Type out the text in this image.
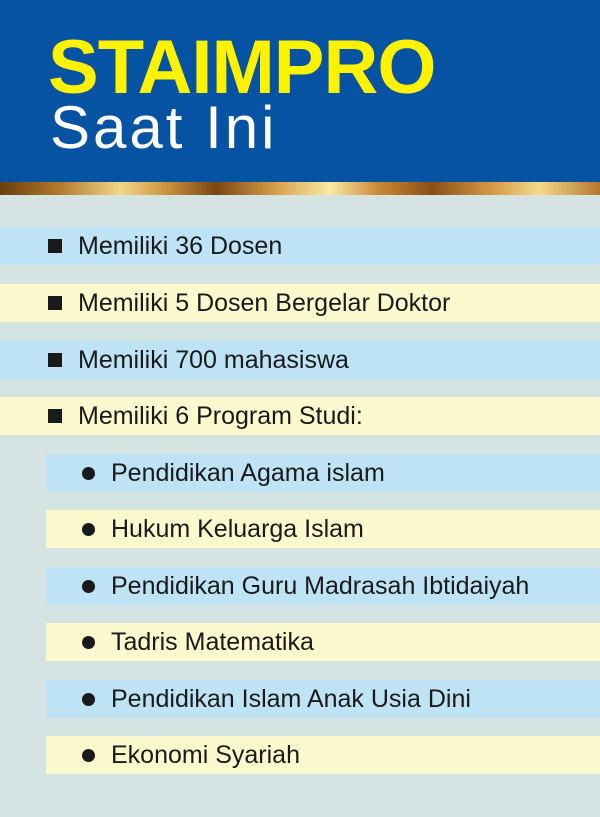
STAIMPRO
Saat Ini
Memiliki 36 Dosen
Memiliki 5 Dosen Bergelar Doktor
Memiliki 700 mahasiswa
Memiliki 6 Program Studi:
Pendidikan Agama islam
Hukum Keluarga Islam
Pendidikan Guru Madrasah Ibtidaiyah
Tadris Matematika
Pendidikan Islam Anak Usia Dini
Ekonomi Syariah
